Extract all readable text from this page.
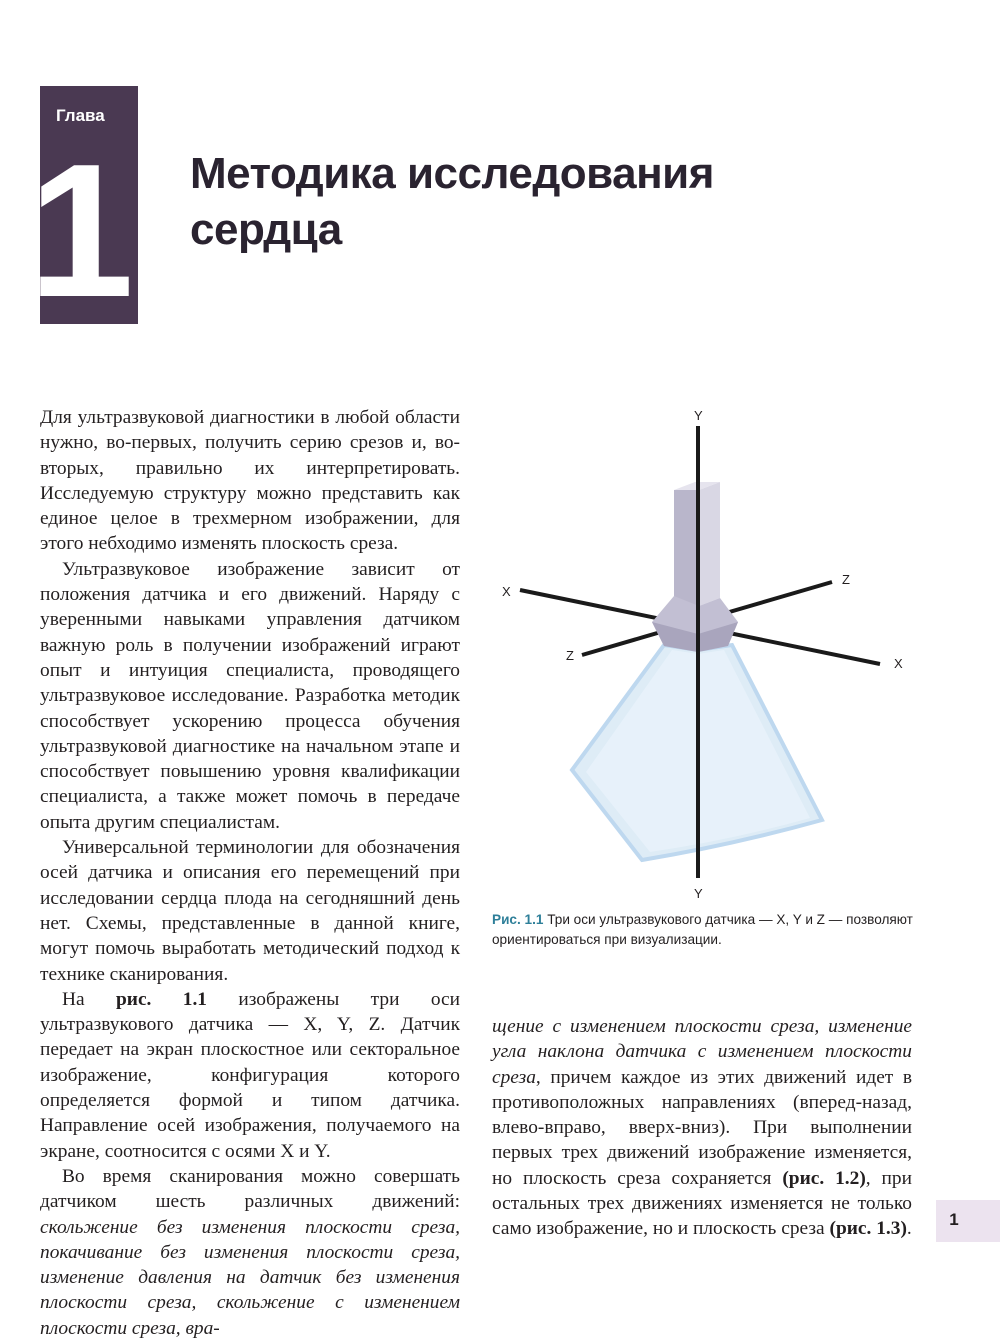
Глава
1 Методика исследования сердца

Для ультразвуковой диагностики в любой области нужно, во-первых, получить серию срезов и, во-вторых, правильно их интерпретировать. Исследуемую структуру можно представить как единое целое в трехмерном изображении, для этого небходимо изменять плоскость среза.

Ультразвуковое изображение зависит от положения датчика и его движений. Наряду с уверенными навыками управления датчиком важную роль в получении изображений играют опыт и интуиция специалиста, проводящего ультразвуковое исследование. Разработка методик способствует ускорению процесса обучения ультразвуковой диагностике на начальном этапе и способствует повышению уровня квалификации специалиста, а также может помочь в передаче опыта другим специалистам.

Универсальной терминологии для обозначения осей датчика и описания его перемещений при исследовании сердца плода на сегодняшний день нет. Схемы, представленные в данной книге, могут помочь выработать методический подход к технике сканирования.

На рис. 1.1 изображены три оси ультразвукового датчика — X, Y, Z. Датчик передает на экран плоскостное или секторальное изображение, конфигурация которого определяется формой и типом датчика. Направление осей изображения, получаемого на экране, соотносится с осями X и Y.

Во время сканирования можно совершать датчиком шесть различных движений: скольжение без изменения плоскости среза, покачивание без изменения плоскости среза, изменение давления на датчик без изменения плоскости среза, скольжение с изменением плоскости среза, вра-

Y
Y
X
X
Z
Z

Рис. 1.1 Три оси ультразвукового датчика — X, Y и Z — позволяют ориентироваться при визуализации.

щение с изменением плоскости среза, изменение угла наклона датчика с изменением плоскости среза, причем каждое из этих движений идет в противоположных направлениях (вперед-назад, влево-вправо, вверх-вниз). При выполнении первых трех движений изображение изменяется, но плоскость среза сохраняется (рис. 1.2), при остальных трех движениях изменяется не только само изображение, но и плоскость среза (рис. 1.3).	1
